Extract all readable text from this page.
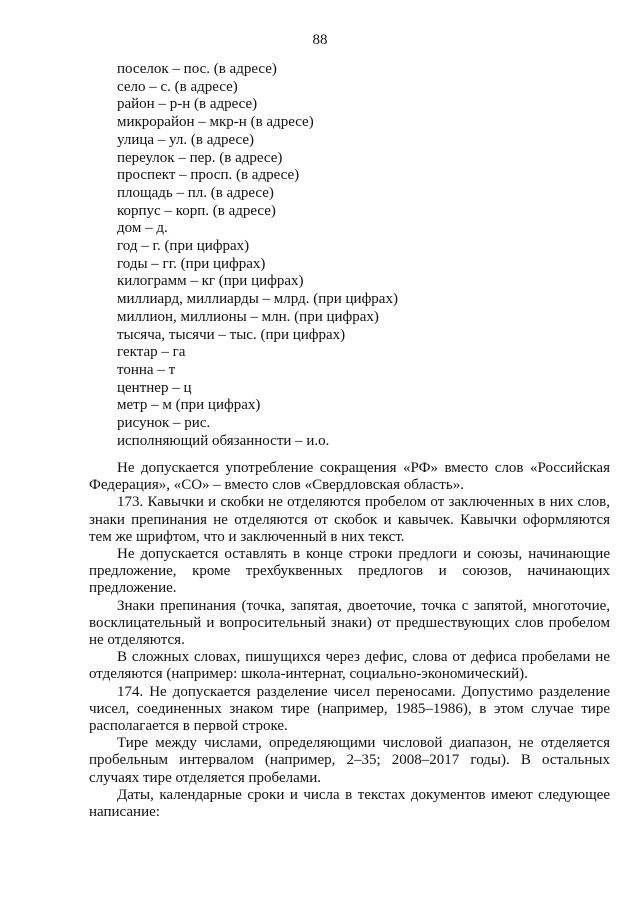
88
поселок – пос. (в адресе)
село – с. (в адресе)
район – р-н (в адресе)
микрорайон – мкр-н (в адресе)
улица – ул. (в адресе)
переулок – пер. (в адресе)
проспект – просп. (в адресе)
площадь – пл. (в адресе)
корпус – корп. (в адресе)
дом – д.
год – г. (при цифрах)
годы – гг. (при цифрах)
килограмм – кг (при цифрах)
миллиард, миллиарды – млрд. (при цифрах)
миллион, миллионы – млн. (при цифрах)
тысяча, тысячи – тыс. (при цифрах)
гектар – га
тонна – т
центнер – ц
метр – м (при цифрах)
рисунок – рис.
исполняющий обязанности – и.о.

Не допускается употребление сокращения «РФ» вместо слов «Российская Федерация», «СО» – вместо слов «Свердловская область».

173. Кавычки и скобки не отделяются пробелом от заключенных в них слов, знаки препинания не отделяются от скобок и кавычек. Кавычки оформляются тем же шрифтом, что и заключенный в них текст.

Не допускается оставлять в конце строки предлоги и союзы, начинающие предложение, кроме трехбуквенных предлогов и союзов, начинающих предложение.

Знаки препинания (точка, запятая, двоеточие, точка с запятой, многоточие, восклицательный и вопросительный знаки) от предшествующих слов пробелом не отделяются.

В сложных словах, пишущихся через дефис, слова от дефиса пробелами не отделяются (например: школа-интернат, социально-экономический).

174. Не допускается разделение чисел переносами. Допустимо разделение чисел, соединенных знаком тире (например, 1985–1986), в этом случае тире располагается в первой строке.

Тире между числами, определяющими числовой диапазон, не отделяется пробельным интервалом (например, 2–35; 2008–2017 годы). В остальных случаях тире отделяется пробелами.

Даты, календарные сроки и числа в текстах документов имеют следующее написание:
